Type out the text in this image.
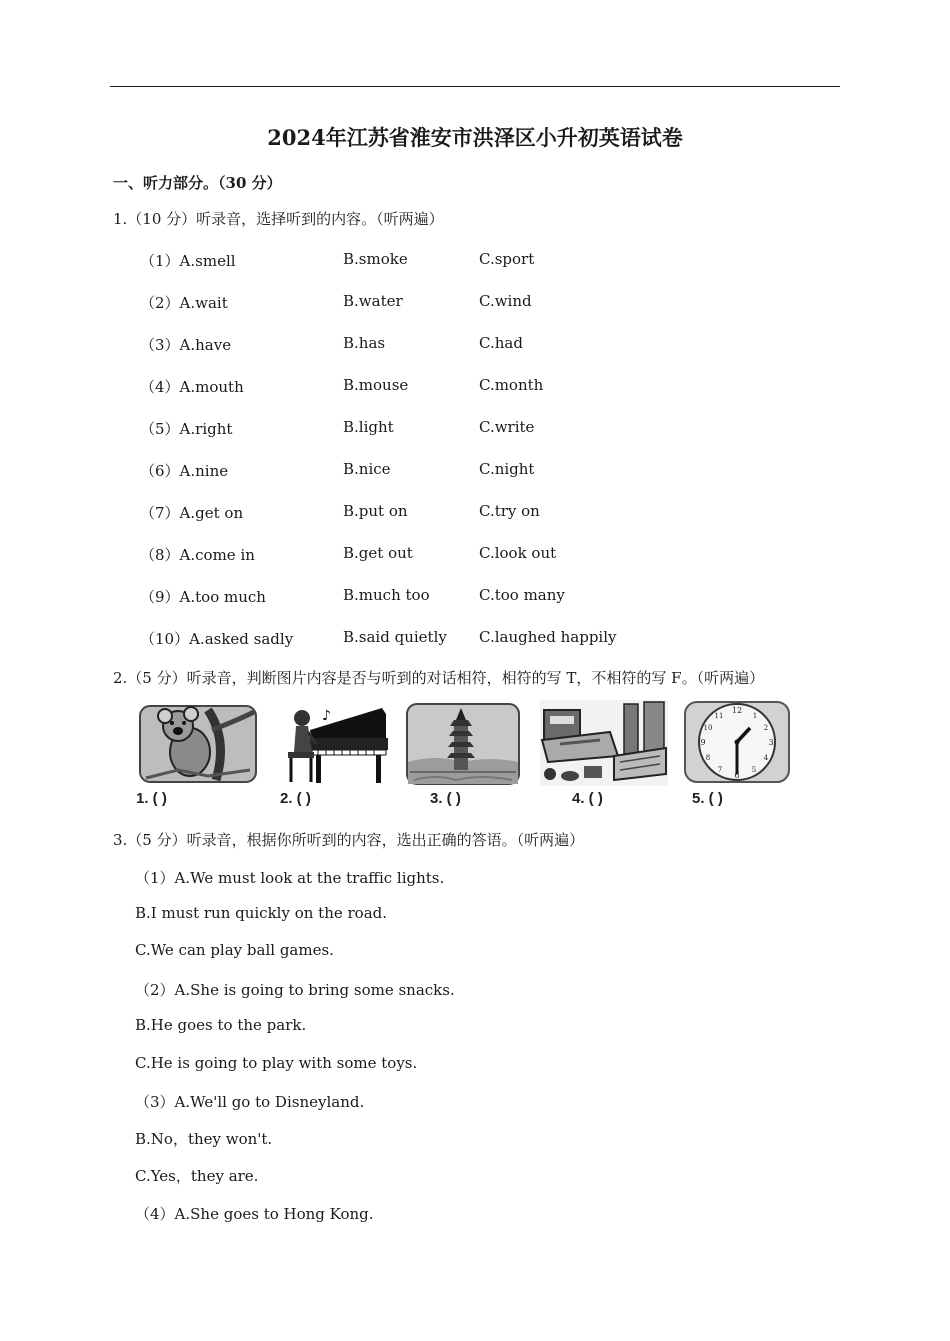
2024年江苏省淮安市洪泽区小升初英语试卷
一、听力部分。（30 分）
1.（10 分）听录音，选择听到的内容。（听两遍）
（1）A.smell	B.smoke	C.sport
（2）A.wait	B.water	C.wind
（3）A.have	B.has	C.had
（4）A.mouth	B.mouse	C.month
（5）A.right	B.light	C.write
（6）A.nine	B.nice	C.night
（7）A.get on	B.put on	C.try on
（8）A.come in	B.get out	C.look out
（9）A.too much	B.much too	C.too many
（10）A.asked sadly	B.said quietly C.laughed happily
2.（5 分）听录音，判断图片内容是否与听到的对话相符，相符的写 T，不相符的写 F。（听两遍）
1. ( )
♪
2. ( )	3. ( )	4. ( )
12
3
6
9
1
2
4
5
7
8
10
11
5. ( )
3.（5 分）听录音，根据你所听到的内容，选出正确的答语。（听两遍）
（1）A.We must look at the traffic lights.
B.I must run quickly on the road.
C.We can play ball games.
（2）A.She is going to bring some snacks.
B.He goes to the park.
C.He is going to play with some toys.
（3）A.We'll go to Disneyland.
B.No，they won't.
C.Yes，they are.
（4）A.She goes to Hong Kong.
